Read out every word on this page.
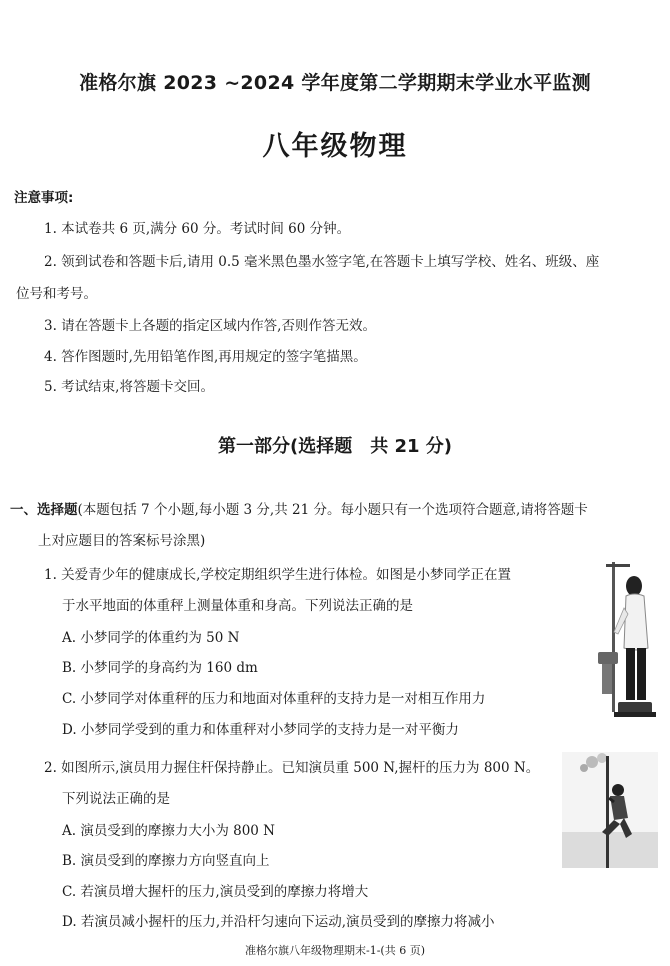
准格尔旗 2023 ~2024 学年度第二学期期末学业水平监测
八年级物理
注意事项:
1. 本试卷共 6 页,满分 60 分。考试时间 60 分钟。
2. 领到试卷和答题卡后,请用 0.5 毫米黑色墨水签字笔,在答题卡上填写学校、姓名、班级、座
位号和考号。
3. 请在答题卡上各题的指定区域内作答,否则作答无效。
4. 答作图题时,先用铅笔作图,再用规定的签字笔描黑。
5. 考试结束,将答题卡交回。
第一部分(选择题　共 21 分)
一、选择题(本题包括 7 个小题,每小题 3 分,共 21 分。每小题只有一个选项符合题意,请将答题卡
上对应题目的答案标号涂黑)
1. 关爱青少年的健康成长,学校定期组织学生进行体检。如图是小梦同学正在置
于水平地面的体重秤上测量体重和身高。下列说法正确的是
A. 小梦同学的体重约为 50 N
B. 小梦同学的身高约为 160 dm
C. 小梦同学对体重秤的压力和地面对体重秤的支持力是一对相互作用力
D. 小梦同学受到的重力和体重秤对小梦同学的支持力是一对平衡力
2. 如图所示,演员用力握住杆保持静止。已知演员重 500 N,握杆的压力为 800 N。
下列说法正确的是
A. 演员受到的摩擦力大小为 800 N
B. 演员受到的摩擦力方向竖直向上
C. 若演员增大握杆的压力,演员受到的摩擦力将增大
D. 若演员减小握杆的压力,并沿杆匀速向下运动,演员受到的摩擦力将减小
准格尔旗八年级物理期末-1-(共 6 页)
